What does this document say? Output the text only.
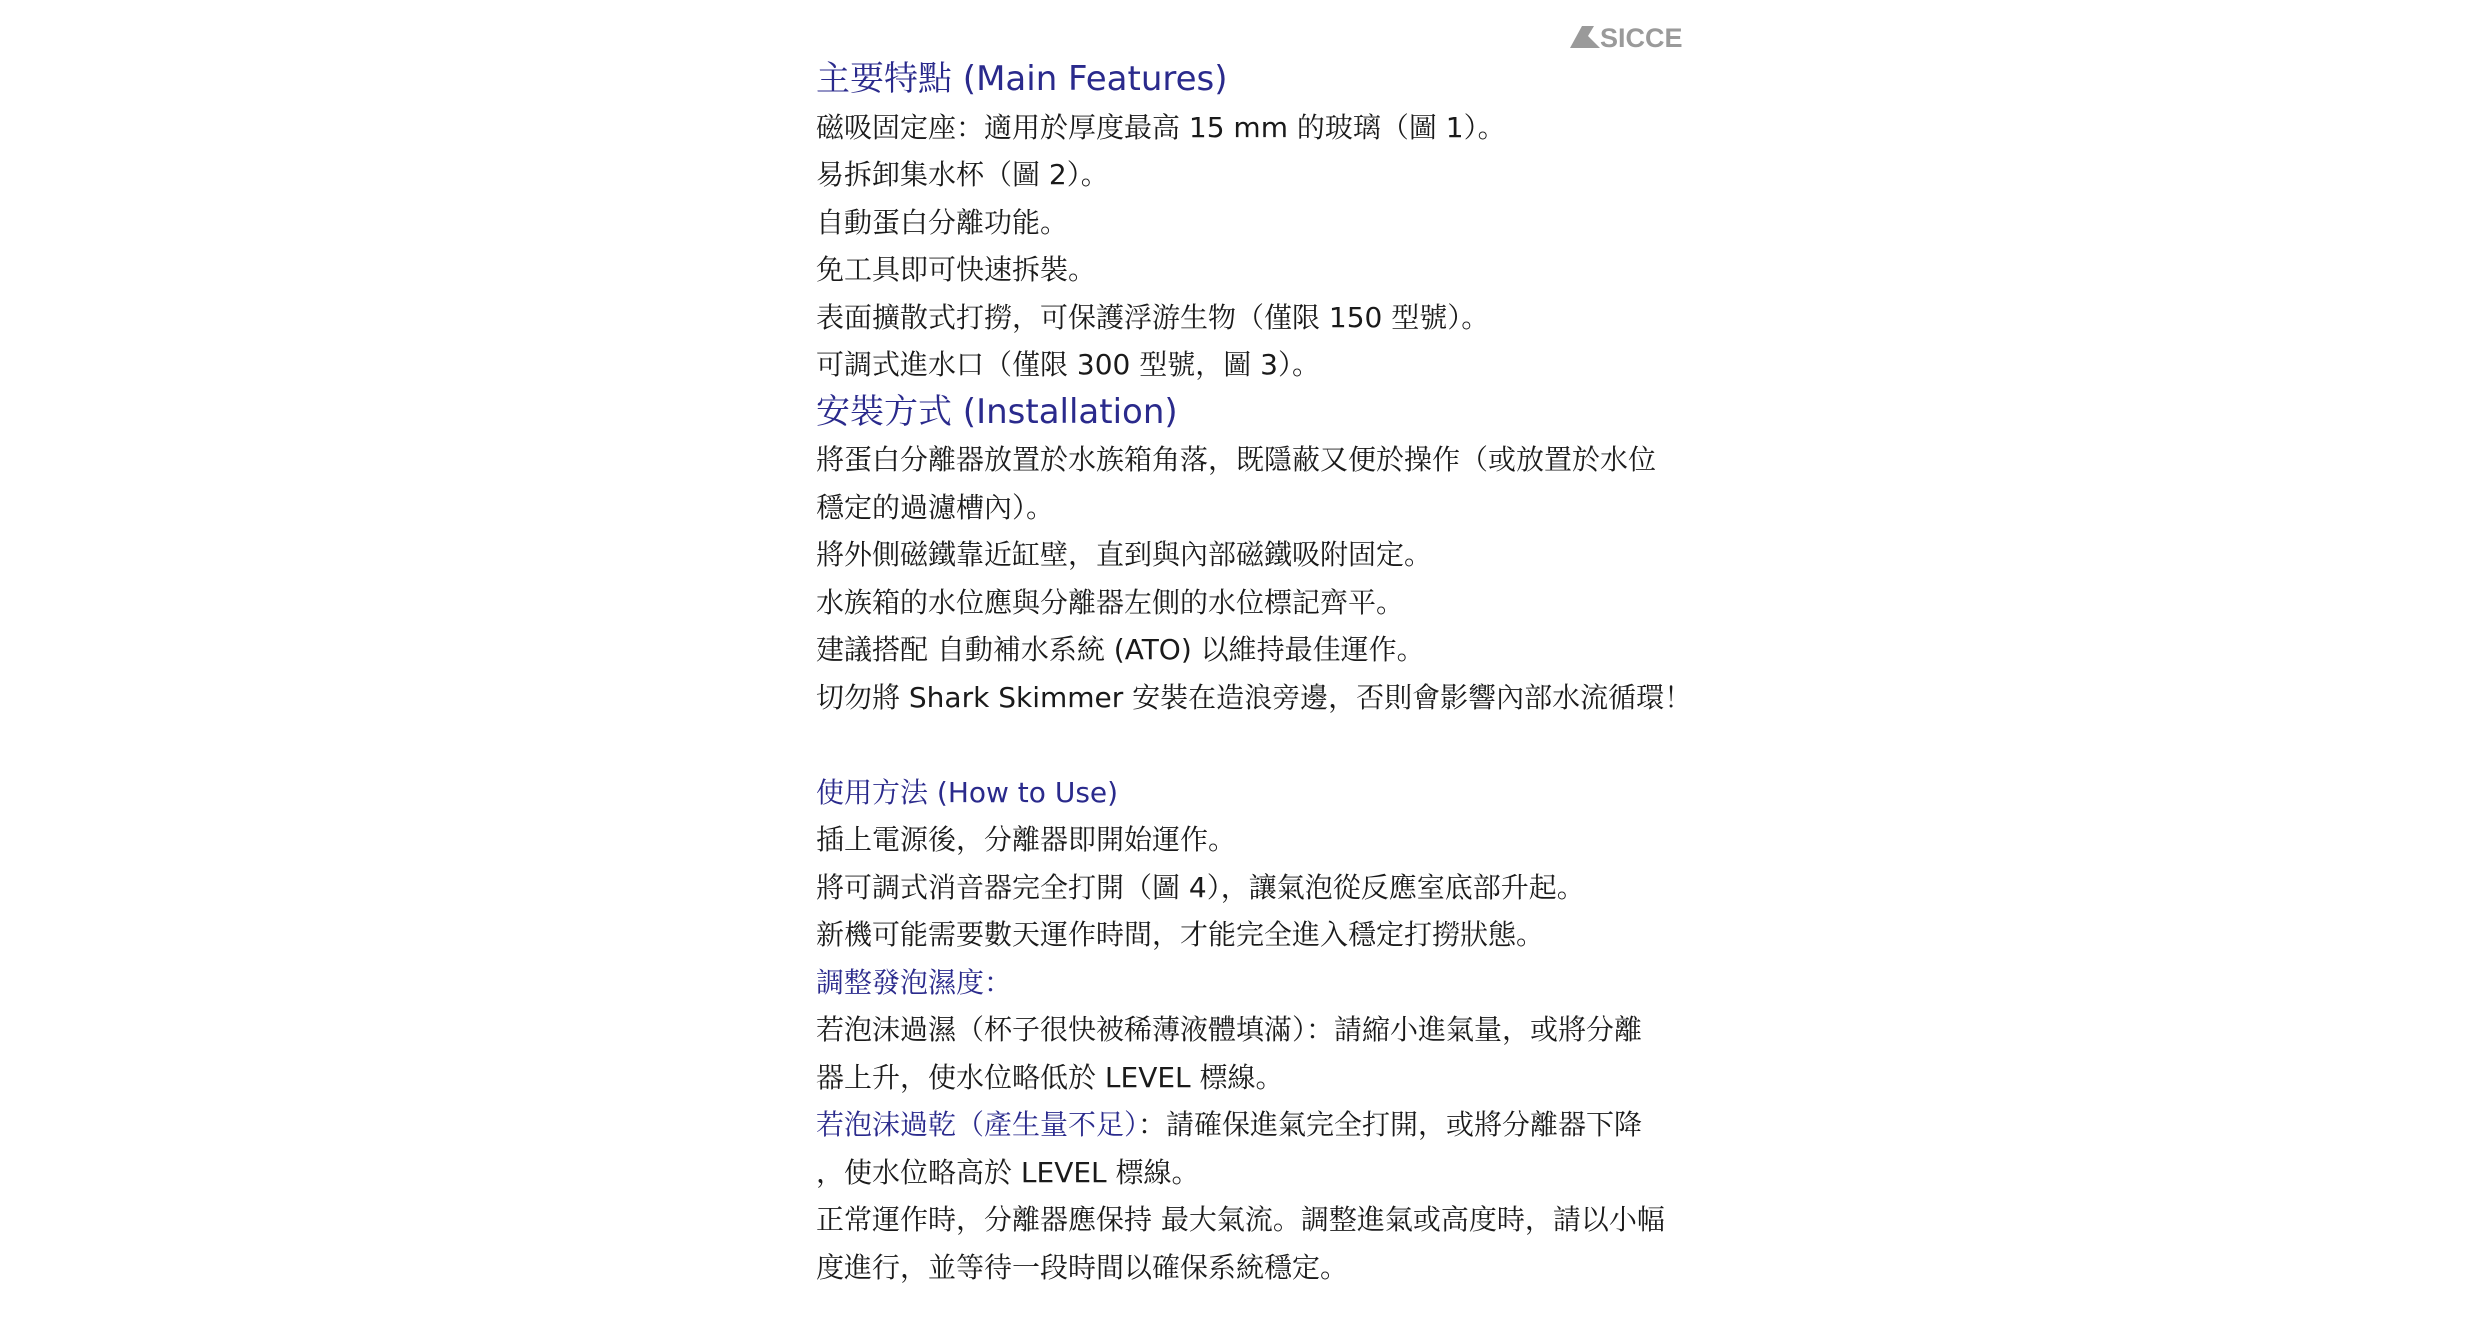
SICCE
主要特點 (Main Features)
磁吸固定座：適用於厚度最高 15 mm 的玻璃（圖 1）。
易拆卸集水杯（圖 2）。
自動蛋白分離功能。
免工具即可快速拆裝。
表面擴散式打撈，可保護浮游生物（僅限 150 型號）。
可調式進水口（僅限 300 型號，圖 3）。
安裝方式 (Installation)
將蛋白分離器放置於水族箱角落，既隱蔽又便於操作（或放置於水位
穩定的過濾槽內）。
將外側磁鐵靠近缸壁，直到與內部磁鐵吸附固定。
水族箱的水位應與分離器左側的水位標記齊平。
建議搭配 自動補水系統 (ATO) 以維持最佳運作。
切勿將 Shark Skimmer 安裝在造浪旁邊，否則會影響內部水流循環！
使用方法 (How to Use)
插上電源後，分離器即開始運作。
將可調式消音器完全打開（圖 4），讓氣泡從反應室底部升起。
新機可能需要數天運作時間，才能完全進入穩定打撈狀態。
調整發泡濕度：
若泡沫過濕（杯子很快被稀薄液體填滿）：請縮小進氣量，或將分離
器上升，使水位略低於 LEVEL 標線。
若泡沫過乾（產生量不足）：請確保進氣完全打開，或將分離器下降
，使水位略高於 LEVEL 標線。
正常運作時，分離器應保持 最大氣流。調整進氣或高度時，請以小幅
度進行，並等待一段時間以確保系統穩定。
